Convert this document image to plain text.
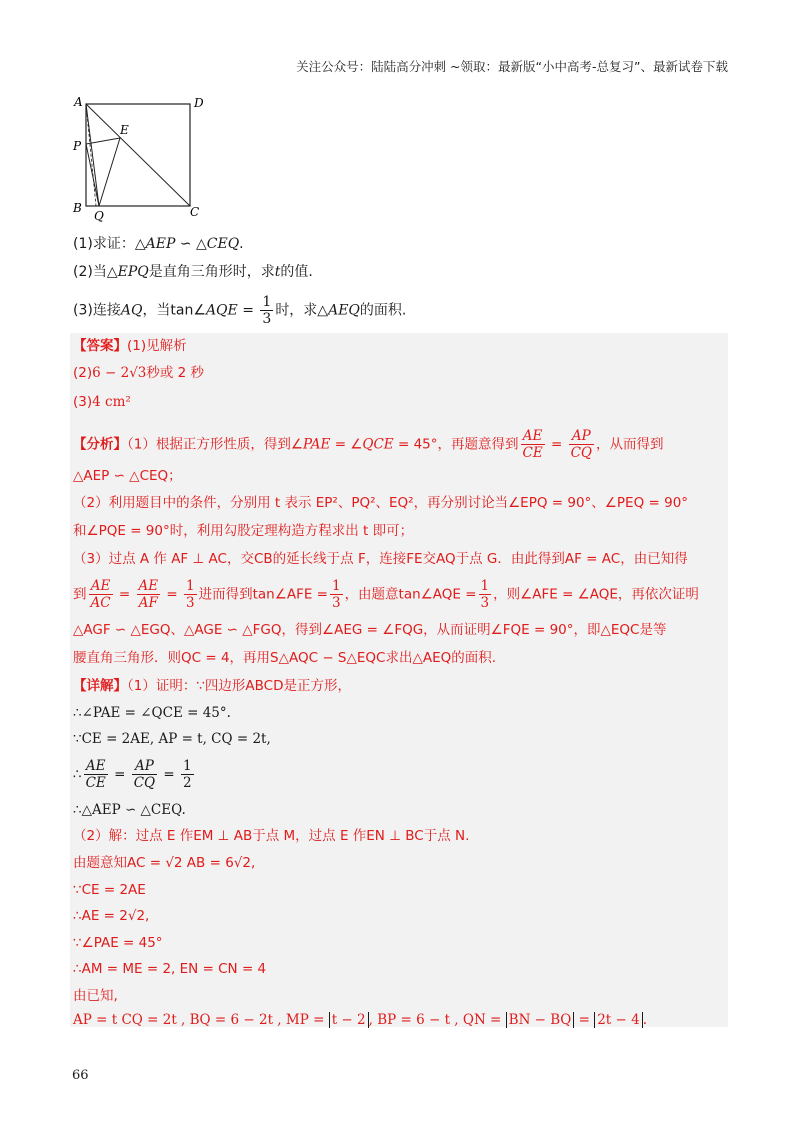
关注公众号：陆陆高分冲刺 ~领取：最新版“小中高考-总复习”、最新试卷下载
A	D
E
P
B
Q	C
(1)求证：△AEP ∽ △CEQ.
(2)当△EPQ是直角三角形时，求t的值.
(3)连接AQ，当tan∠AQE = $\frac{1}{3}$ 时，求△AEQ的面积.
【答案】(1)见解析
(2)6 − 2√3秒或 2 秒
(3)4 cm²
【分析】（1）根据正方形性质，得到∠PAE = ∠QCE = 45°，再题意得到 $\frac{AE}{CE} = \frac{AP}{CQ}$ ，从而得到
△AEP ∽ △CEQ；
（2）利用题目中的条件，分别用 t 表示 EP²、PQ²、EQ²，再分别讨论当∠EPQ = 90°、∠PEQ = 90°
和∠PQE = 90°时，利用勾股定理构造方程求出 t 即可；
（3）过点 A 作 AF ⊥ AC，交CB的延长线于点 F，连接FE交AQ于点 G．由此得到AF = AC，由已知得
到 $\frac{AE}{AC} = \frac{AE}{AF} = \frac{1}{3}$ 进而得到tan∠AFE = $\frac{1}{3}$ ，由题意tan∠AQE = $\frac{1}{3}$ ，则∠AFE = ∠AQE，再依次证明
△AGF ∽ △EGQ、△AGE ∽ △FGQ，得到∠AEG = ∠FQG，从而证明∠FQE = 90°，即△EQC是等
腰直角三角形．则QC = 4，再用S△AQC − S△EQC求出△AEQ的面积.
【详解】（1）证明：∵四边形ABCD是正方形，
∴∠PAE = ∠QCE = 45°.
∵CE = 2AE, AP = t, CQ = 2t,
∴ $\frac{AE}{CE} = \frac{AP}{CQ} = \frac{1}{2}$
∴△AEP ∽ △CEQ.
（2）解：过点 E 作EM ⊥ AB于点 M，过点 E 作EN ⊥ BC于点 N.
由题意知AC = √2 AB = 6√2,
∵CE = 2AE
∴AE = 2√2,
∵∠PAE = 45°
∴AM = ME = 2, EN = CN = 4
由已知,
AP = t CQ = 2t , BQ = 6 − 2t , MP = t − 2 , BP = 6 − t , QN = BN − BQ = 2t − 4 .
66
